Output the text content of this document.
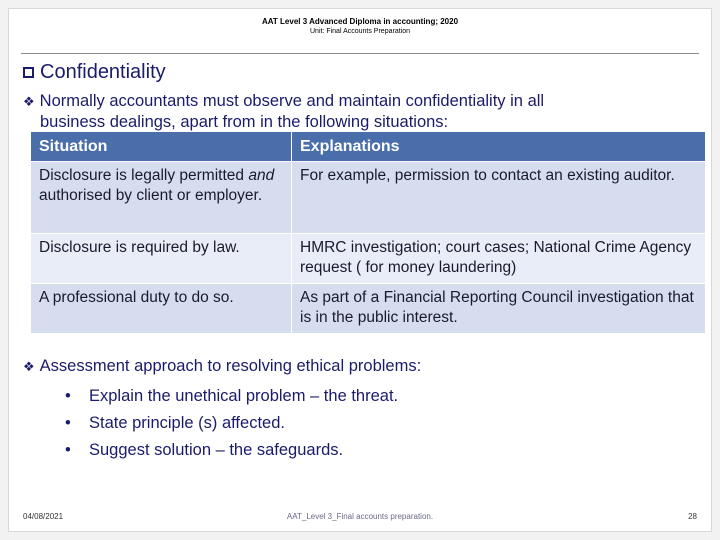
AAT Level 3 Advanced Diploma in accounting; 2020
Unit: Final Accounts Preparation
Confidentiality
❖ Normally accountants must observe and maintain confidentiality in all
business dealings, apart from in the following situations:
Situation	Explanations
Disclosure is legally permitted and authorised by client or employer.	For example, permission to contact an existing auditor.
Disclosure is required by law.	HMRC investigation; court cases; National Crime Agency request ( for money laundering)
A professional duty to do so.	As part of a Financial Reporting Council investigation that is in the public interest.
❖ Assessment approach to resolving ethical problems:
•	Explain the unethical problem – the threat.
•	State principle (s) affected.
•	Suggest solution – the safeguards.
04/08/2021	AAT_Level 3_Final accounts preparation.	28
